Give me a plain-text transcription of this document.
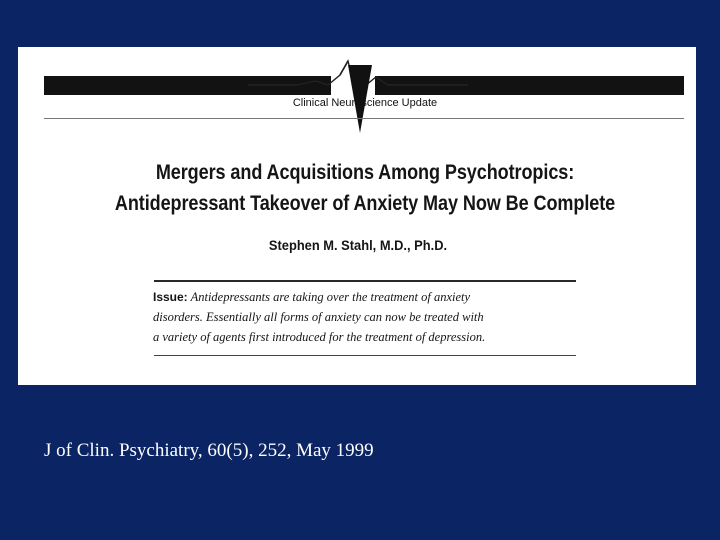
Clinical Neuroscience Update
Mergers and Acquisitions Among Psychotropics:
Antidepressant Takeover of Anxiety May Now Be Complete
Stephen M. Stahl, M.D., Ph.D.
Issue: Antidepressants are taking over the treatment of anxiety
disorders. Essentially all forms of anxiety can now be treated with
a variety of agents first introduced for the treatment of depression.
J of Clin. Psychiatry, 60(5), 252, May 1999
